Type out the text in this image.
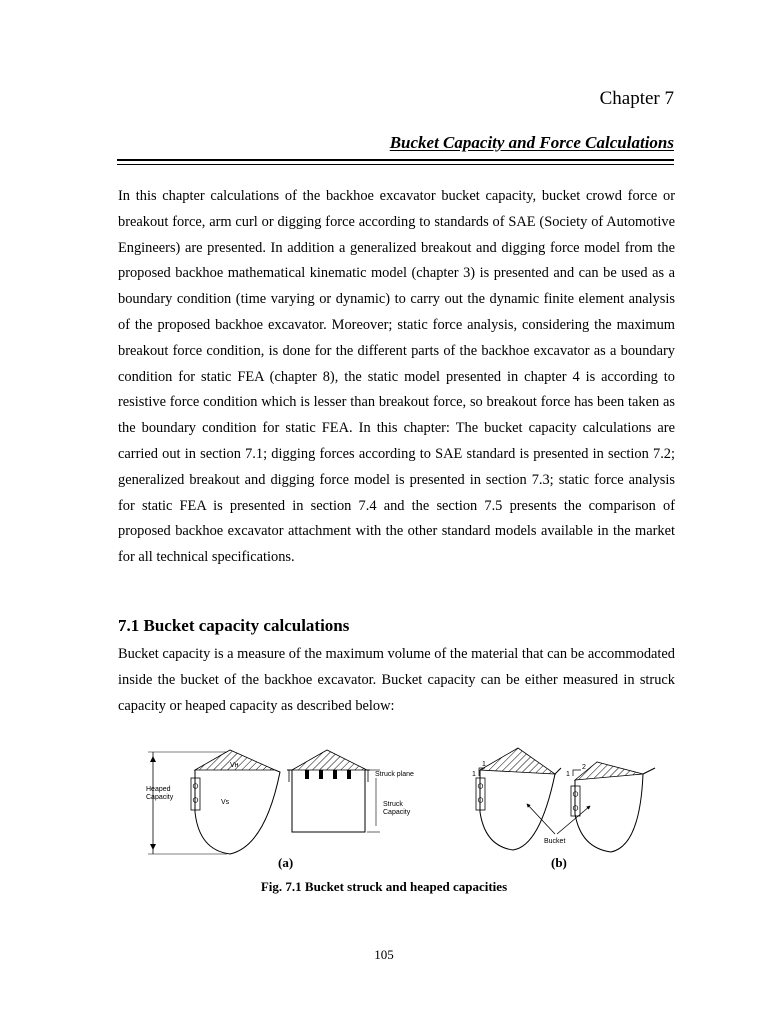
Chapter 7
Bucket Capacity and Force Calculations
In this chapter calculations of the backhoe excavator bucket capacity, bucket crowd force or breakout force, arm curl or digging force according to standards of SAE (Society of Automotive Engineers) are presented. In addition a generalized breakout and digging force model from the proposed backhoe mathematical kinematic model (chapter 3) is presented and can be used as a boundary condition (time varying or dynamic) to carry out the dynamic finite element analysis of the proposed backhoe excavator. Moreover; static force analysis, considering the maximum breakout force condition, is done for the different parts of the backhoe excavator as a boundary condition for static FEA (chapter 8), the static model presented in chapter 4 is according to resistive force condition which is lesser than breakout force, so breakout force has been taken as the boundary condition for static FEA. In this chapter: The bucket capacity calculations are carried out in section 7.1; digging forces according to SAE standard is presented in section 7.2; generalized breakout and digging force model is presented in section 7.3; static force analysis for static FEA is presented in section 7.4 and the section 7.5 presents the comparison of proposed backhoe excavator attachment with the other standard models available in the market for all technical specifications.
7.1 Bucket capacity calculations
Bucket capacity is a measure of the maximum volume of the material that can be accommodated inside the bucket of the backhoe excavator. Bucket capacity can be either measured in struck capacity or heaped capacity as described below:
Heaped
Capacity
Vʜ
Vs
Struck plane
Struck
Capacity
1
1
2
1
Bucket
(a)	(b)
Fig. 7.1 Bucket struck and heaped capacities
105
